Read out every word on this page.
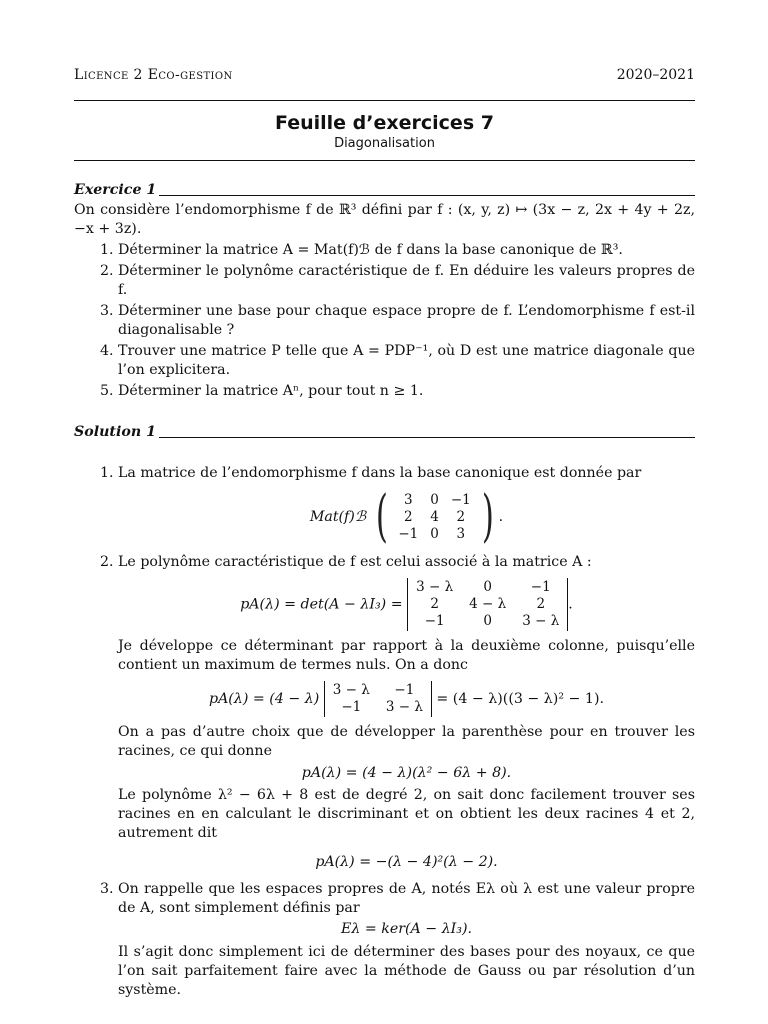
Licence 2 Eco-gestion	2020–2021
Feuille d’exercices 7
Diagonalisation
Exercice 1

On considère l’endomorphisme f de ℝ³ défini par f : (x, y, z) ↦ (3x − z, 2x + 4y + 2z, −x + 3z).

1. Déterminer la matrice A = Mat(f)ℬ de f dans la base canonique de ℝ³.
2. Déterminer le polynôme caractéristique de f. En déduire les valeurs propres de f.
3. Déterminer une base pour chaque espace propre de f. L’endomorphisme f est-il diagonalisable ?
4. Trouver une matrice P telle que A = PDP⁻¹, où D est une matrice diagonale que l’on explicitera.
5. Déterminer la matrice Aⁿ, pour tout n ≥ 1.
Solution 1
1. La matrice de l’endomorphisme f dans la base canonique est donnée par
Mat(f)ℬ ( 3	0	−1
2	4	2
−1	0	3 ) .
2. Le polynôme caractéristique de f est celui associé à la matrice A :
pA(λ) = det(A − λI₃) =
3 − λ	0	−1
2	4 − λ	2
−1	0	3 − λ
.

Je développe ce déterminant par rapport à la deuxième colonne, puisqu’elle contient un maximum de termes nuls. On a donc

pA(λ) = (4 − λ)
3 − λ	−1
−1	3 − λ = (4 − λ)((3 − λ)² − 1).

On a pas d’autre choix que de développer la parenthèse pour en trouver les racines, ce qui donne

pA(λ) = (4 − λ)(λ² − 6λ + 8).

Le polynôme λ² − 6λ + 8 est de degré 2, on sait donc facilement trouver ses racines en en calculant le discriminant et on obtient les deux racines 4 et 2, autrement dit

pA(λ) = −(λ − 4)²(λ − 2).
3. On rappelle que les espaces propres de A, notés Eλ où λ est une valeur propre de A, sont simplement définis par
Eλ = ker(A − λI₃).

Il s’agit donc simplement ici de déterminer des bases pour des noyaux, ce que l’on sait parfaitement faire avec la méthode de Gauss ou par résolution d’un système.
